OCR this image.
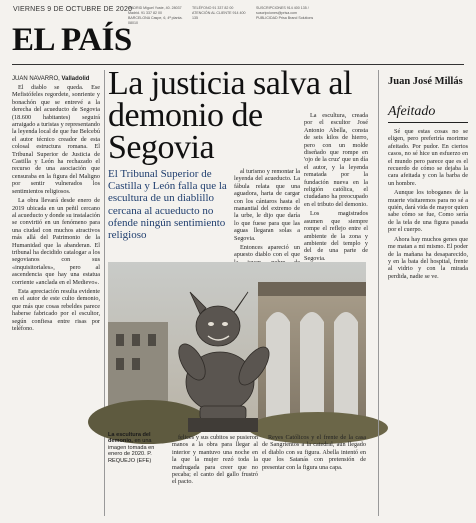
VIERNES 9 DE OCTUBRE DE 2020
EL PAÍS
MADRID Miguel Yuste, 40. 28037 Madrid. 91 337 82 00
BARCELONA Caspe, 6, 4ª planta. 08010
TELÉFONO 91 337 82 00
ATENCIÓN AL CLIENTE 914 400 135
SUSCRIPCIONES 914 400 135 / suscripciones@prisa.com
PUBLICIDAD Prisa Brand Solutions
JUAN NAVARRO, Valladolid

El diablo se queda. Ese Mefistófeles regordete, sonriente y bonachón que se entrevé a la derecha del acueducto de Segovia (18.600 habitantes) seguirá arraigado a turistas y representando la leyenda local de que fue Belcebú el autor técnico creador de esta colosal estructura romana. El Tribunal Superior de Justicia de Castilla y León ha rechazado el recurso de una asociación que censuraba en la figura del Maligno por sentir vulnerados los sentimientos religiosos.

La obra llevará desde enero de 2019 ubicada en un peñil cercano al acueducto y donde su instalación se convirtió en un fenómeno para una ciudad con muchos atractivos más allá del Patrimonio de la Humanidad que la abanderan. El tribunal ha decidido catalogar a los segovianos con sus «inquisitoriales», pero al ascendencia que hay una estatua corriente «anclada en el Medievo».

Esta apreciación resulta evidente en el autor de este culto demonio, que más que cosas rebeldes parece haberse fabricado por el escultor, según confiesa entre risas por teléfono.

La justicia salva al demonio de Segovia
El Tribunal Superior de Castilla y León falla que la escultura de un diablillo cercana al acueducto no ofende ningún sentimiento religioso

al turismo y remontar la leyenda del acueducto. La fábula relata que una aguadora, harta de cargar con los cántaros hasta el manantial del extremo de la urbe, le dijo que daría lo que fuese para que las aguas llegaran solas a Segovia.

Entonces apareció un apuesto diablo con el que

La escultura, creada por el escultor José Antonio Abella, consta de seis kilos de hierro, pero con un molde diseñado que rompe en 'ojo de la cruz' que un día el autor, y la leyenda rematada por la fundación nueva en la religión católica, el ciudadano ha preocupado en el tributo del demonio.

Los magistrados asumen que siempre rompe el reflejo entre el ambiente de la zona y ambiente del templo y del de una parte de Segovia.

La escultura del demonio, en una imagen tomada en enero de 2020. P. REQUEJO (EFE)

felices y sus cubitos se pusieron manos a la obra para llegar al interior y mantuvo una noche en la que la mujer rezó toda la madrugada para creer que no pecaba; el canto del gallo frustró el pacto.

Reyes Católicos y el frente de la casa de Sangrientos a la catedral, aun llegado el diablo con su figura. Abella intentó en que los Satanás con pretensión de presentar con la figura una capa.

Juan José Millás
Afeitado

Sé que estas cosas no se eligen, pero preferiría morirme afeitado. Por pudor. En ciertos casos, no sé hice un esfuerzo en el mundo pero parece que es el recuerdo de cómo se dejaba la cara afeitada y con la barba de un hombre.

Aunque los toboganes de la muerte visitaremos para no sé a quién, dará vida de mayor quien sabe cómo se fue, Como sería de la tela de una figura pasada por el cuerpo.

Ahora hay muchos genes que me matan a mi mismo. El poder de la mañana ha desaparecido, y en la bata del hospital, frente al vidrio y con la mirada perdida, nadie se ve.
